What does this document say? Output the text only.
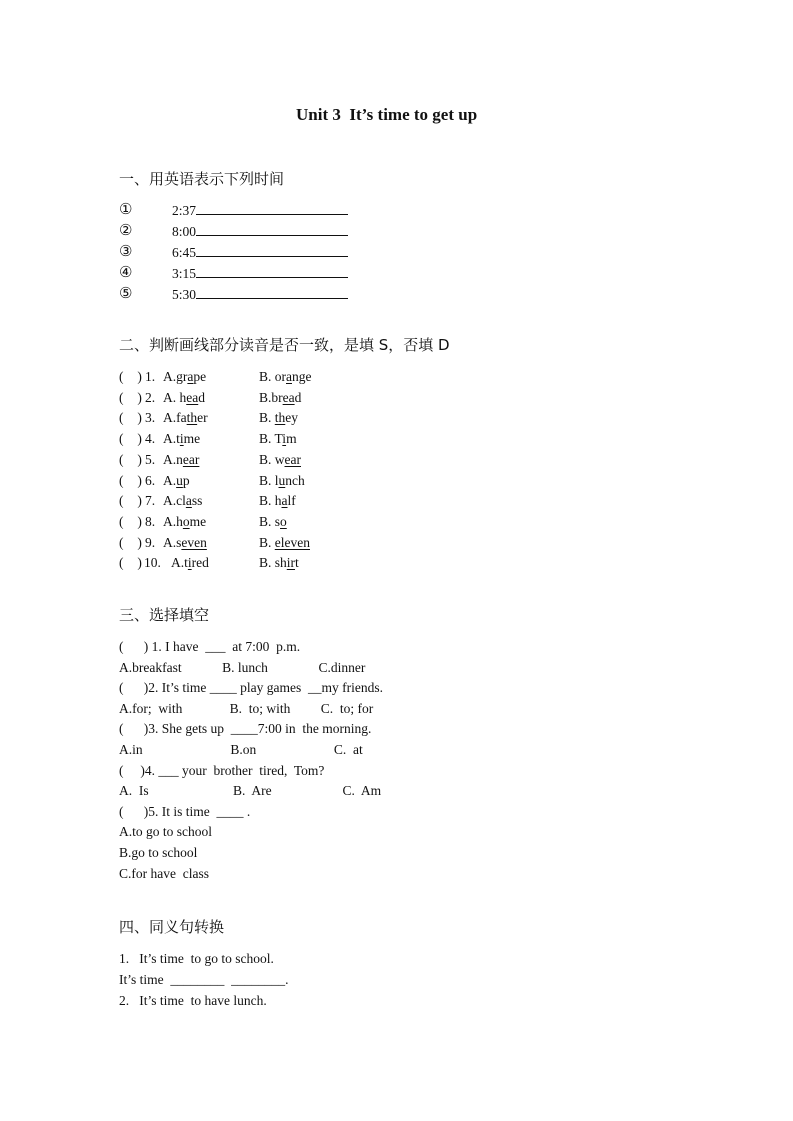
Unit 3  It’s time to get up
一、用英语表示下列时间
①	2:37
②	8:00
③	6:45
④	3:15
⑤	5:30
二、判断画线部分读音是否一致，是填 S，否填 D
(     ) 1. A.grape	B. orange
(     ) 2. A. head	B.bread
(     ) 3. A.father	B. they
(     ) 4. A.time	B. Tim
(     ) 5. A.near	B. wear
(     ) 6. A.up	B. lunch
(     ) 7. A.class	B. half
(     ) 8. A.home	B. so
(     ) 9. A.seven	B. eleven
(     ) 10. A.tired	B. shirt
三、选择填空
(      ) 1. I have  ___  at 7:00  p.m.
A.breakfast            B. lunch               C.dinner
(      )2. It’s time ____ play games  __my friends.
A.for;  with              B.  to; with         C.  to; for
(      )3. She gets up  ____7:00 in  the morning.
A.in                          B.on                       C.  at
(     )4. ___ your  brother  tired,  Tom?
A.  Is                         B.  Are                     C.  Am
(      )5. It is time  ____ .
A.to go to school
B.go to school
C.for have  class
四、同义句转换
1.   It’s time  to go to school.
It’s time  ________  ________.
2.   It’s time  to have lunch.
